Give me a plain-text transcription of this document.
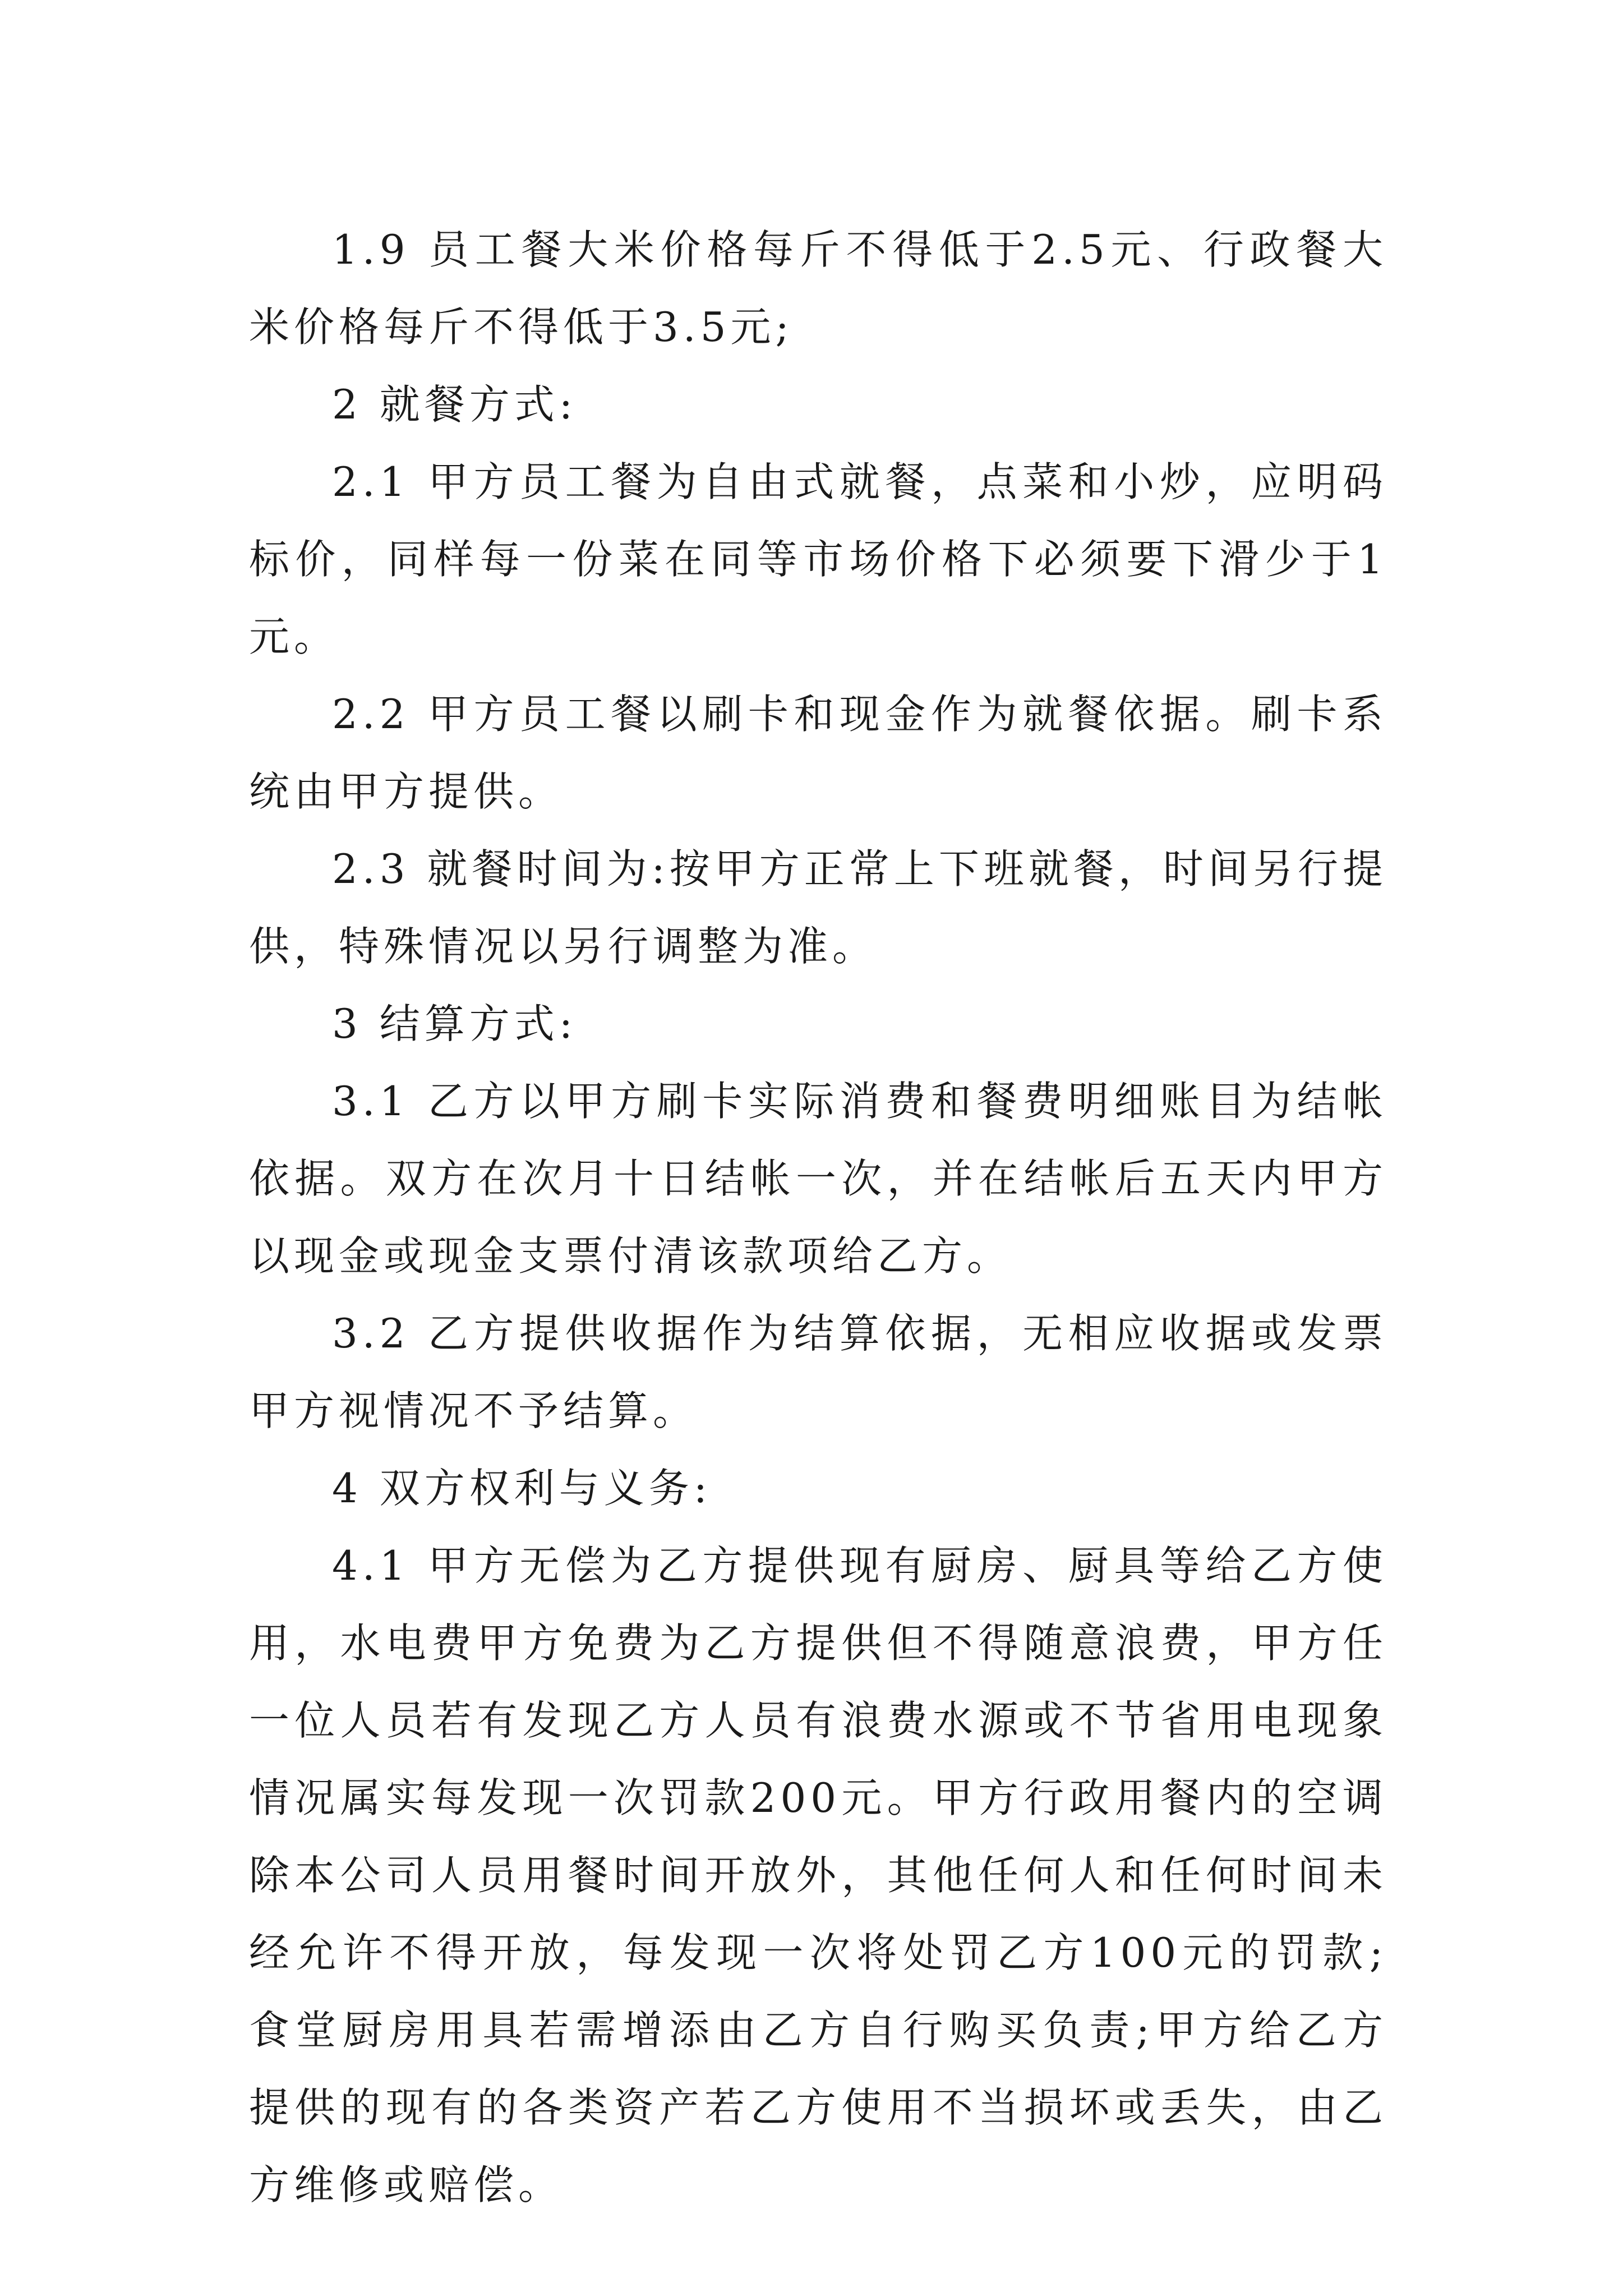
1.9 员工餐大米价格每斤不得低于2.5元、行政餐大米价格每斤不得低于3.5元;

2 就餐方式:

2.1 甲方员工餐为自由式就餐，点菜和小炒，应明码标价，同样每一份菜在同等市场价格下必须要下滑少于1元。

2.2 甲方员工餐以刷卡和现金作为就餐依据。刷卡系统由甲方提供。

2.3 就餐时间为:按甲方正常上下班就餐，时间另行提供，特殊情况以另行调整为准。

3 结算方式:

3.1 乙方以甲方刷卡实际消费和餐费明细账目为结帐依据。双方在次月十日结帐一次，并在结帐后五天内甲方以现金或现金支票付清该款项给乙方。

3.2 乙方提供收据作为结算依据，无相应收据或发票甲方视情况不予结算。

4 双方权利与义务:

4.1 甲方无偿为乙方提供现有厨房、厨具等给乙方使用，水电费甲方免费为乙方提供但不得随意浪费，甲方任一位人员若有发现乙方人员有浪费水源或不节省用电现象情况属实每发现一次罚款200元。甲方行政用餐内的空调除本公司人员用餐时间开放外，其他任何人和任何时间未经允许不得开放，每发现一次将处罚乙方100元的罚款;食堂厨房用具若需增添由乙方自行购买负责;甲方给乙方提供的现有的各类资产若乙方使用不当损坏或丢失，由乙方维修或赔偿。
